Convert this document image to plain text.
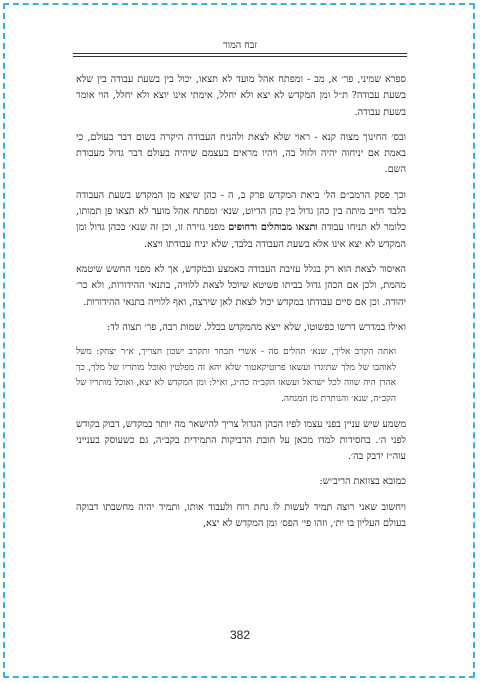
זבח המור

ספרא שמיני, פר׳ א, מב - ומפתח אהל מועד לא תצאו, יכול בין בשעת עבודה בין שלא בשעת עבודה? ת״ל ומן המקדש לא יצא ולא יחלל, אימתי אינו יוצא ולא יחלל, הוי אומר בשעת עבודה.

ובס׳ החינוך מצוה קנא - ראוי שלא לצאת ולהניח העבודה היקרה בשום דבר בעולם, כי באמת אם יניחוה יהיה ולזול בה, ויהיו מראים בעצמם שיהיה בעולם דבר גדול מעבודת השם.

וכך פסק הרמב״ם הל׳ ביאת המקדש פרק ב, ה - כהן שיצא מן המקדש בשעת העבודה בלבד חייב מיתה בין כהן גדול בין כהן הדיוט, שנא׳ ומפתח אהל מועד לא תצאו פן תמותו, כלומר לא תניחו עבודה ותצאו מבוהלים ודחופים מפני גזירה זו, וכן זה שנא׳ בכהן גדול ומן המקדש לא יצא אינו אלא בשעת העבודה בלבד, שלא יניח עבודתו ויצא.

האיסור לצאת הוא רק בגלל עזיבת העבודה באמצע ובמקדש, אך לא מפני החשש שיטמא מהמת, ולכן אם הכהן גדול בביתו פשיטא שיוכל לצאת ללוויה, בתנאי ההידורות, ולא כר׳ יהודה. וכן אם סיים עבודתו במקדש יכול לצאת לאן שירצה, ואף ללוייה בתנאי ההידורות.

ואילו במדרש דרשו כפשוטו, שלא ייצא מהמקדש בכלל. שמות רבה, פר׳ תצוה לד:

ואתה הקרב אליך, שנא׳ תהלים סה - אשרי תבחר ותקרב ישכון חצריך, א״ר יצחק: משל לאוהבו של מלך שתיגרו ועשאו פרוטיקאטור שלא יהא זה מפלטין ואוכל מותריו של מלך, כך אהרן היה שווה לכל ישראל ועשאו הקב״ה כה״ג, וא״ל: ומן המקדש לא יצא, ואוכל מותריו של הקב״ה, שנא׳ והנותרת מן המנחה.

משמע שיש עניין בפני עצמו לפיו הכהן הגדול צריך להישאר מה יותר במקדש, דבוק בקודש לפני ה׳. בחסידות למדו מכאן על חובת הדביקות התמידית בקב״ה, גם כשעוסק בענייני עוה״ז ידבק בה׳.

כמובא בצוואת הריב״ש:

ויחשוב שאני רוצה תמיד לעשות לו נחת רוח ולעבוד אותו, ותמיד יהיה מחשבתו דבוקה בעולם העליון בו ית׳, וזהו פי׳ הפס׳ ומן המקדש לא יצא,

382
